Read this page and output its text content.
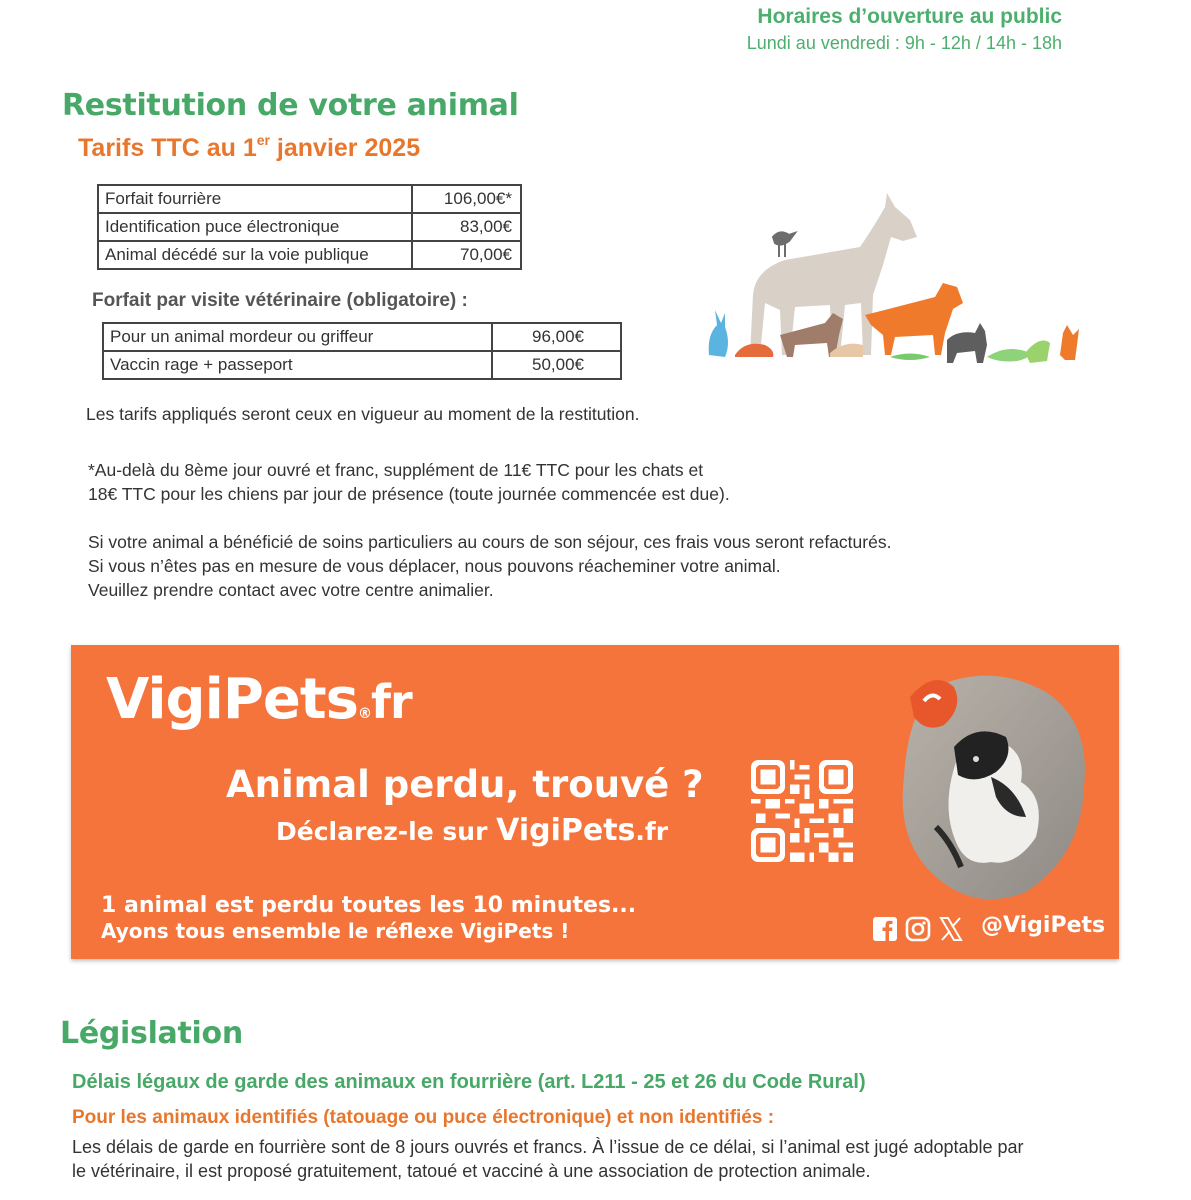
Horaires d’ouverture au public
Lundi au vendredi : 9h - 12h / 14h - 18h
Restitution de votre animal
Tarifs TTC au 1er janvier 2025
Forfait fourrière	106,00€*
Identification puce électronique	83,00€
Animal décédé sur la voie publique	70,00€
Forfait par visite vétérinaire (obligatoire) :
Pour un animal mordeur ou griffeur	96,00€
Vaccin rage + passeport	50,00€
Les tarifs appliqués seront ceux en vigueur au moment de la restitution.
*Au-delà du 8ème jour ouvré et franc, supplément de 11€ TTC pour les chats et
18€ TTC pour les chiens par jour de présence (toute journée commencée est due).
Si votre animal a bénéficié de soins particuliers au cours de son séjour, ces frais vous seront refacturés.
Si vous n’êtes pas en mesure de vous déplacer, nous pouvons réacheminer votre animal.
Veuillez prendre contact avec votre centre animalier.
VigiPets®fr
Animal perdu, trouvé ?
Déclarez-le sur VigiPets.fr
1 animal est perdu toutes les 10 minutes...
Ayons tous ensemble le réflexe VigiPets !	@VigiPets
Législation
Délais légaux de garde des animaux en fourrière (art. L211 - 25 et 26 du Code Rural)
Pour les animaux identifiés (tatouage ou puce électronique) et non identifiés :
Les délais de garde en fourrière sont de 8 jours ouvrés et francs. À l’issue de ce délai, si l’animal est jugé adoptable par
le vétérinaire, il est proposé gratuitement, tatoué et vacciné à une association de protection animale.
